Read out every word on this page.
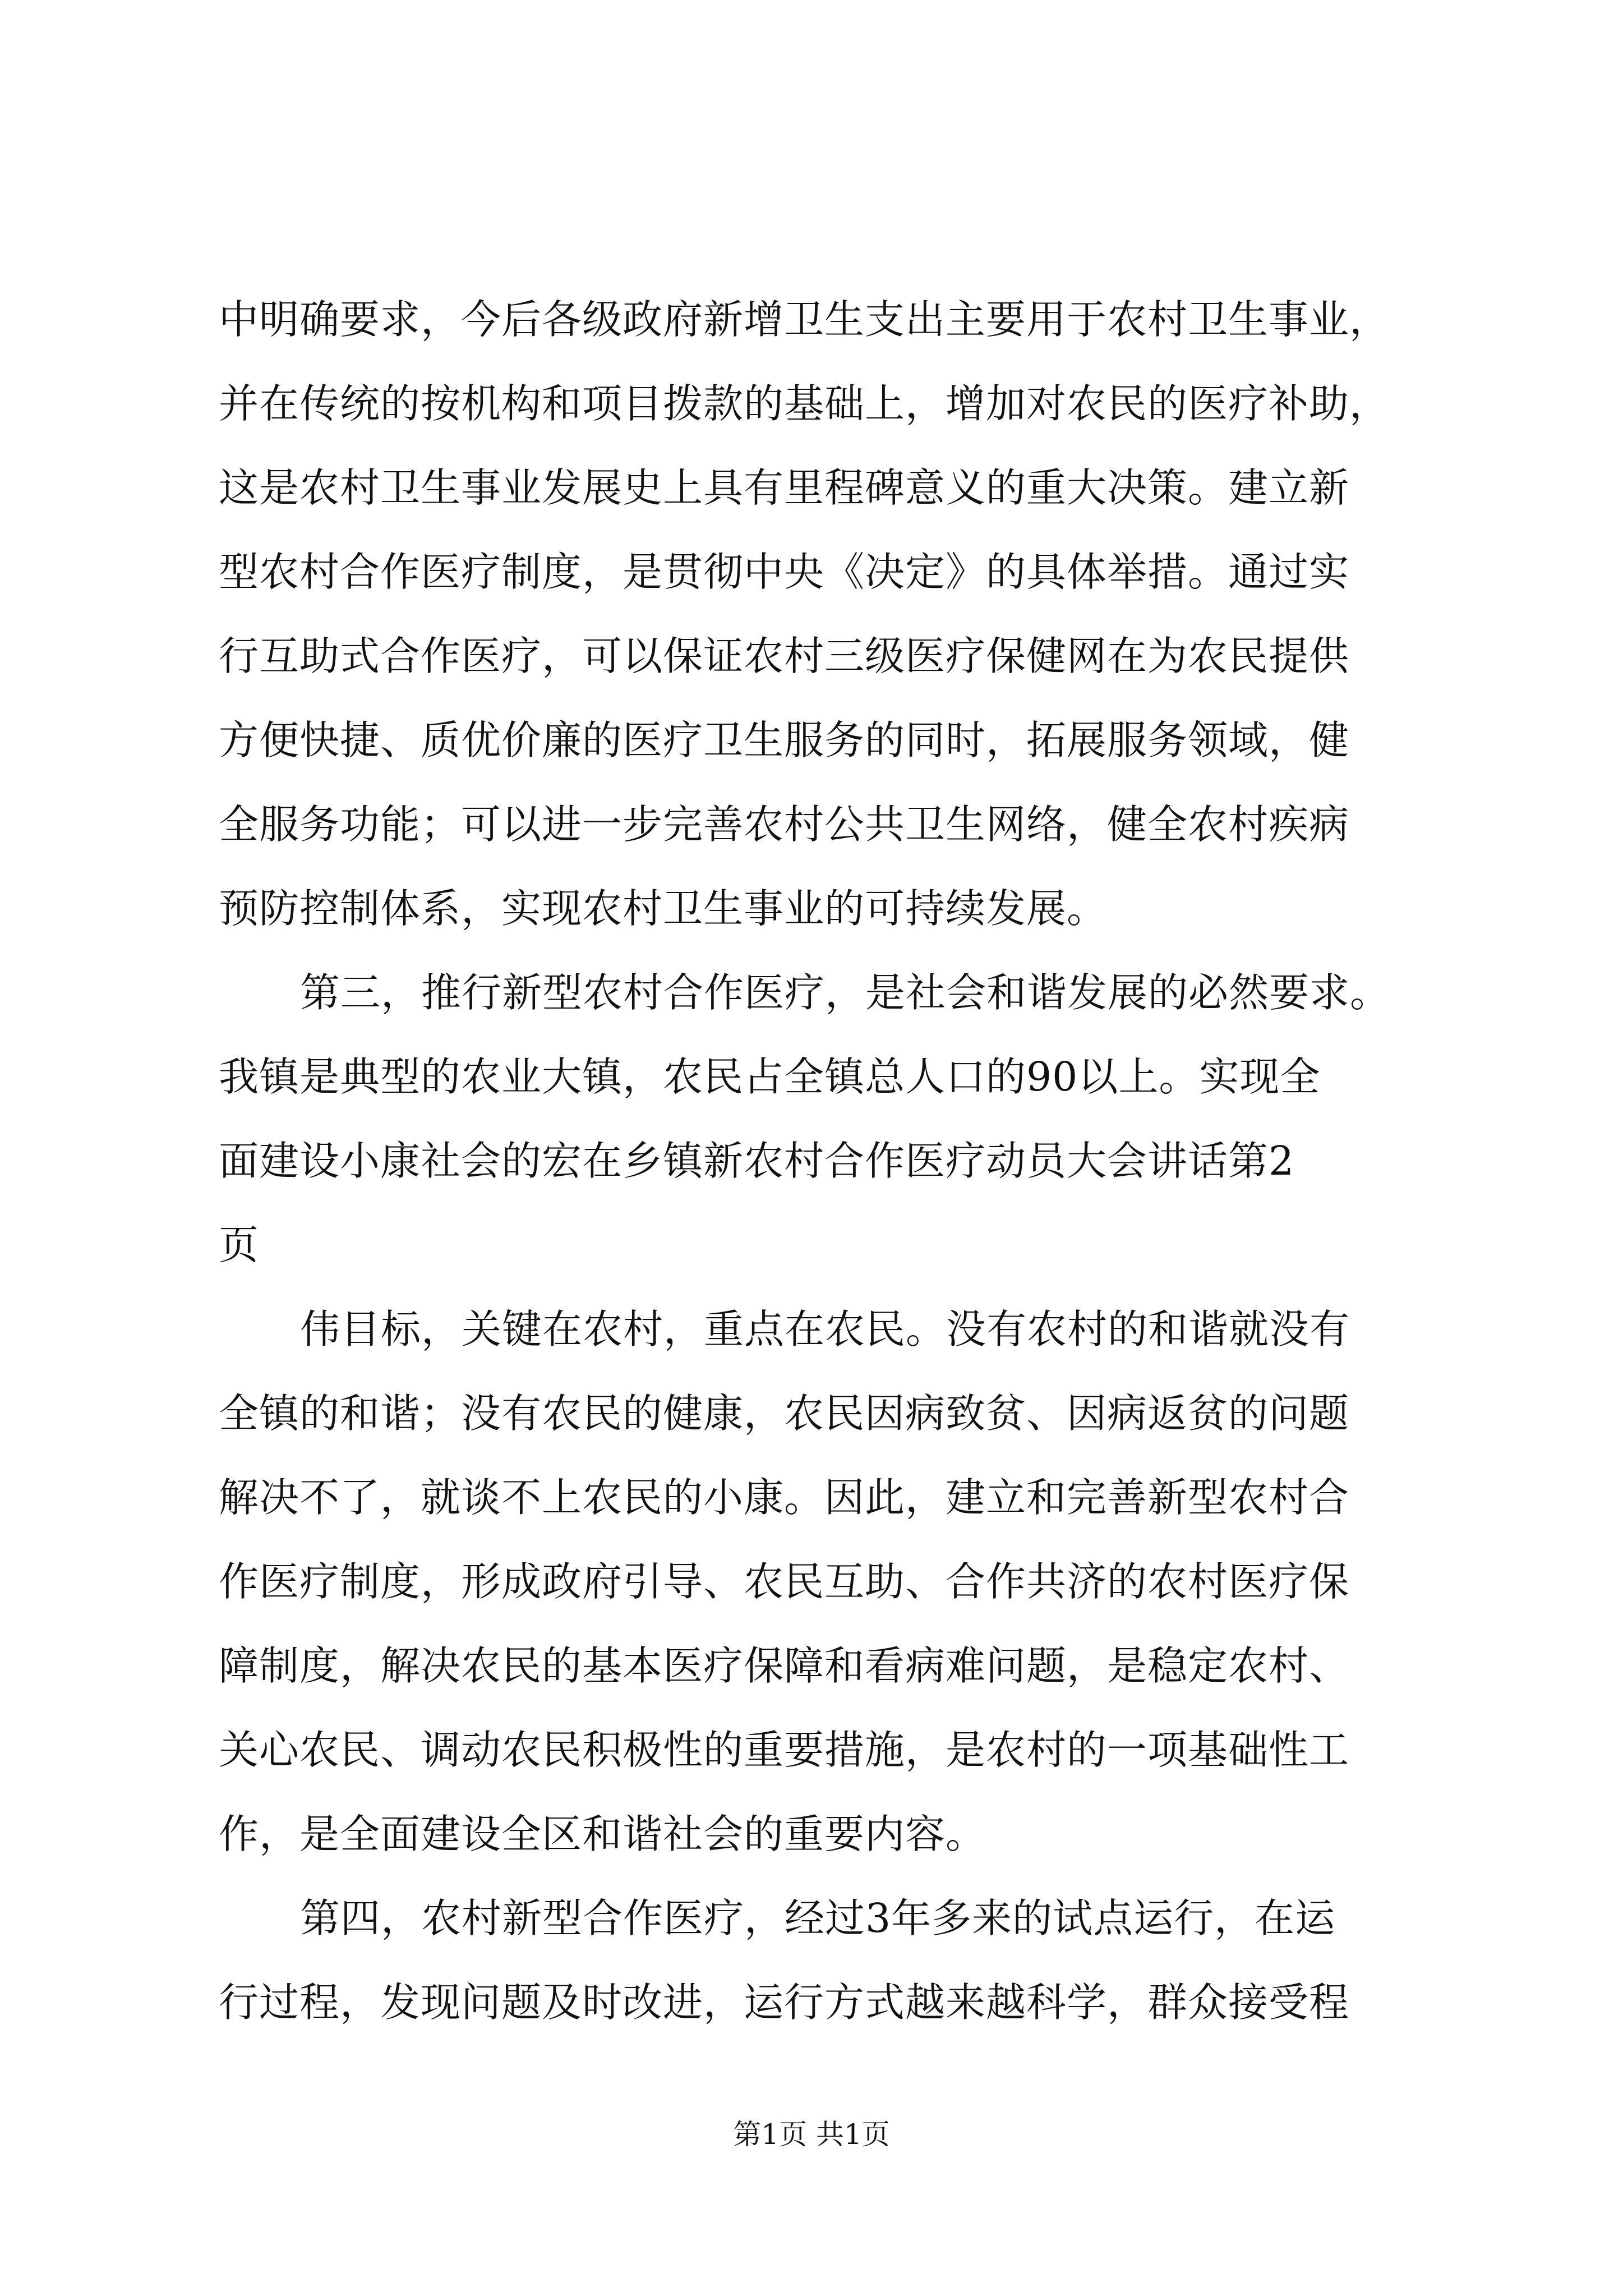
中明确要求，今后各级政府新增卫生支出主要用于农村卫生事业，
并在传统的按机构和项目拨款的基础上，增加对农民的医疗补助，
这是农村卫生事业发展史上具有里程碑意义的重大决策。建立新
型农村合作医疗制度，是贯彻中央《决定》的具体举措。通过实
行互助式合作医疗，可以保证农村三级医疗保健网在为农民提供
方便快捷、质优价廉的医疗卫生服务的同时，拓展服务领域，健
全服务功能；可以进一步完善农村公共卫生网络，健全农村疾病
预防控制体系，实现农村卫生事业的可持续发展。
第三，推行新型农村合作医疗，是社会和谐发展的必然要求。
我镇是典型的农业大镇，农民占全镇总人口的90以上。实现全
面建设小康社会的宏在乡镇新农村合作医疗动员大会讲话第2
页
伟目标，关键在农村，重点在农民。没有农村的和谐就没有
全镇的和谐；没有农民的健康，农民因病致贫、因病返贫的问题
解决不了，就谈不上农民的小康。因此，建立和完善新型农村合
作医疗制度，形成政府引导、农民互助、合作共济的农村医疗保
障制度，解决农民的基本医疗保障和看病难问题，是稳定农村、
关心农民、调动农民积极性的重要措施，是农村的一项基础性工
作，是全面建设全区和谐社会的重要内容。
第四，农村新型合作医疗，经过3年多来的试点运行，在运
行过程，发现问题及时改进，运行方式越来越科学，群众接受程
第1页 共1页
